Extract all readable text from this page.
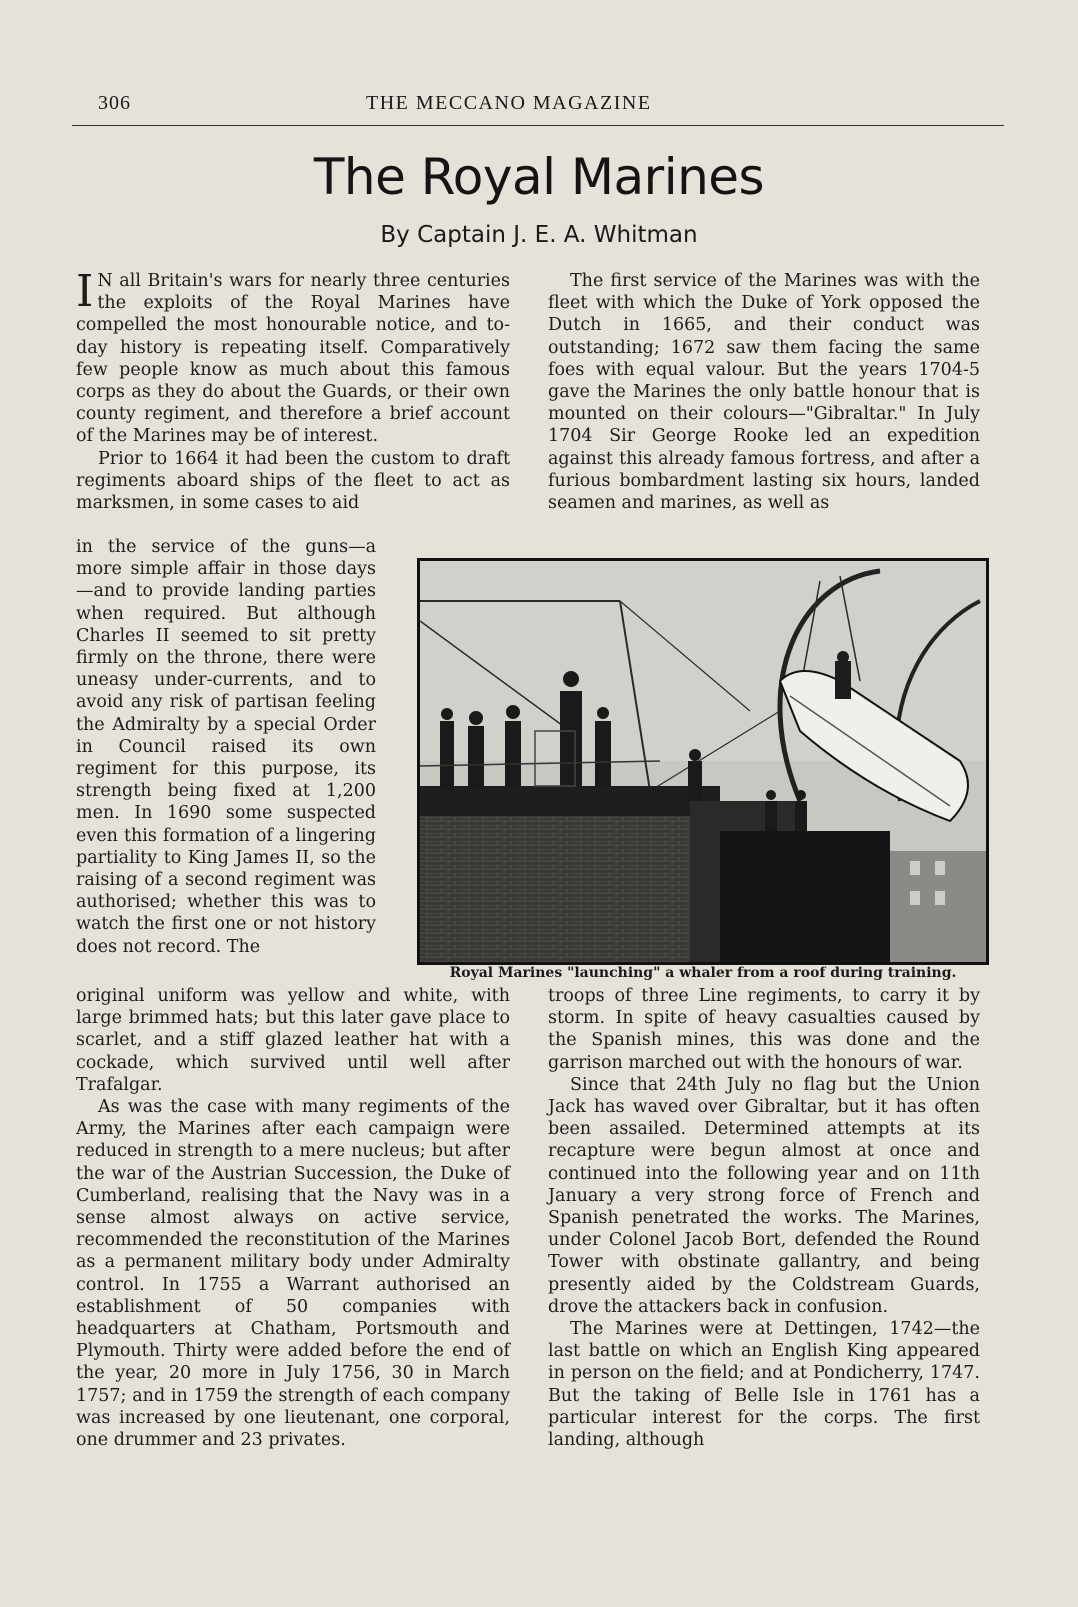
306	THE MECCANO MAGAZINE
The Royal Marines
By Captain J. E. A. Whitman

I N all Britain's wars for nearly three centuries the exploits of the Royal Marines have compelled the most honourable notice, and to-day history is repeating itself. Comparatively few people know as much about this famous corps as they do about the Guards, or their own county regiment, and therefore a brief account of the Marines may be of interest.

Prior to 1664 it had been the custom to draft regiments aboard ships of the fleet to act as marksmen, in some cases to aid

in the service of the guns—a more simple affair in those days—and to provide landing parties when required. But although Charles II seemed to sit pretty firmly on the throne, there were uneasy under-currents, and to avoid any risk of partisan feeling the Admiralty by a special Order in Council raised its own regiment for this purpose, its strength being fixed at 1,200 men. In 1690 some suspected even this formation of a lingering partiality to King James II, so the raising of a second regiment was authorised; whether this was to watch the first one or not history does not record. The

original uniform was yellow and white, with large brimmed hats; but this later gave place to scarlet, and a stiff glazed leather hat with a cockade, which survived until well after Trafalgar.

As was the case with many regiments of the Army, the Marines after each campaign were reduced in strength to a mere nucleus; but after the war of the Austrian Succession, the Duke of Cumberland, realising that the Navy was in a sense almost always on active service, recommended the reconstitution of the Marines as a permanent military body under Admiralty control. In 1755 a Warrant authorised an establishment of 50 companies with headquarters at Chatham, Portsmouth and Plymouth. Thirty were added before the end of the year, 20 more in July 1756, 30 in March 1757; and in 1759 the strength of each company was increased by one lieutenant, one corporal, one drummer and 23 privates.

The first service of the Marines was with the fleet with which the Duke of York opposed the Dutch in 1665, and their conduct was outstanding; 1672 saw them facing the same foes with equal valour. But the years 1704-5 gave the Marines the only battle honour that is mounted on their colours—"Gibraltar." In July 1704 Sir George Rooke led an expedition against this already famous fortress, and after a furious bombardment lasting six hours, landed seamen and marines, as well as

Royal Marines "launching" a whaler from a roof during training.

troops of three Line regiments, to carry it by storm. In spite of heavy casualties caused by the Spanish mines, this was done and the garrison marched out with the honours of war.

Since that 24th July no flag but the Union Jack has waved over Gibraltar, but it has often been assailed. Determined attempts at its recapture were begun almost at once and continued into the following year and on 11th January a very strong force of French and Spanish penetrated the works. The Marines, under Colonel Jacob Bort, defended the Round Tower with obstinate gallantry, and being presently aided by the Coldstream Guards, drove the attackers back in confusion.

The Marines were at Dettingen, 1742—the last battle on which an English King appeared in person on the field; and at Pondicherry, 1747. But the taking of Belle Isle in 1761 has a particular interest for the corps. The first landing, although
